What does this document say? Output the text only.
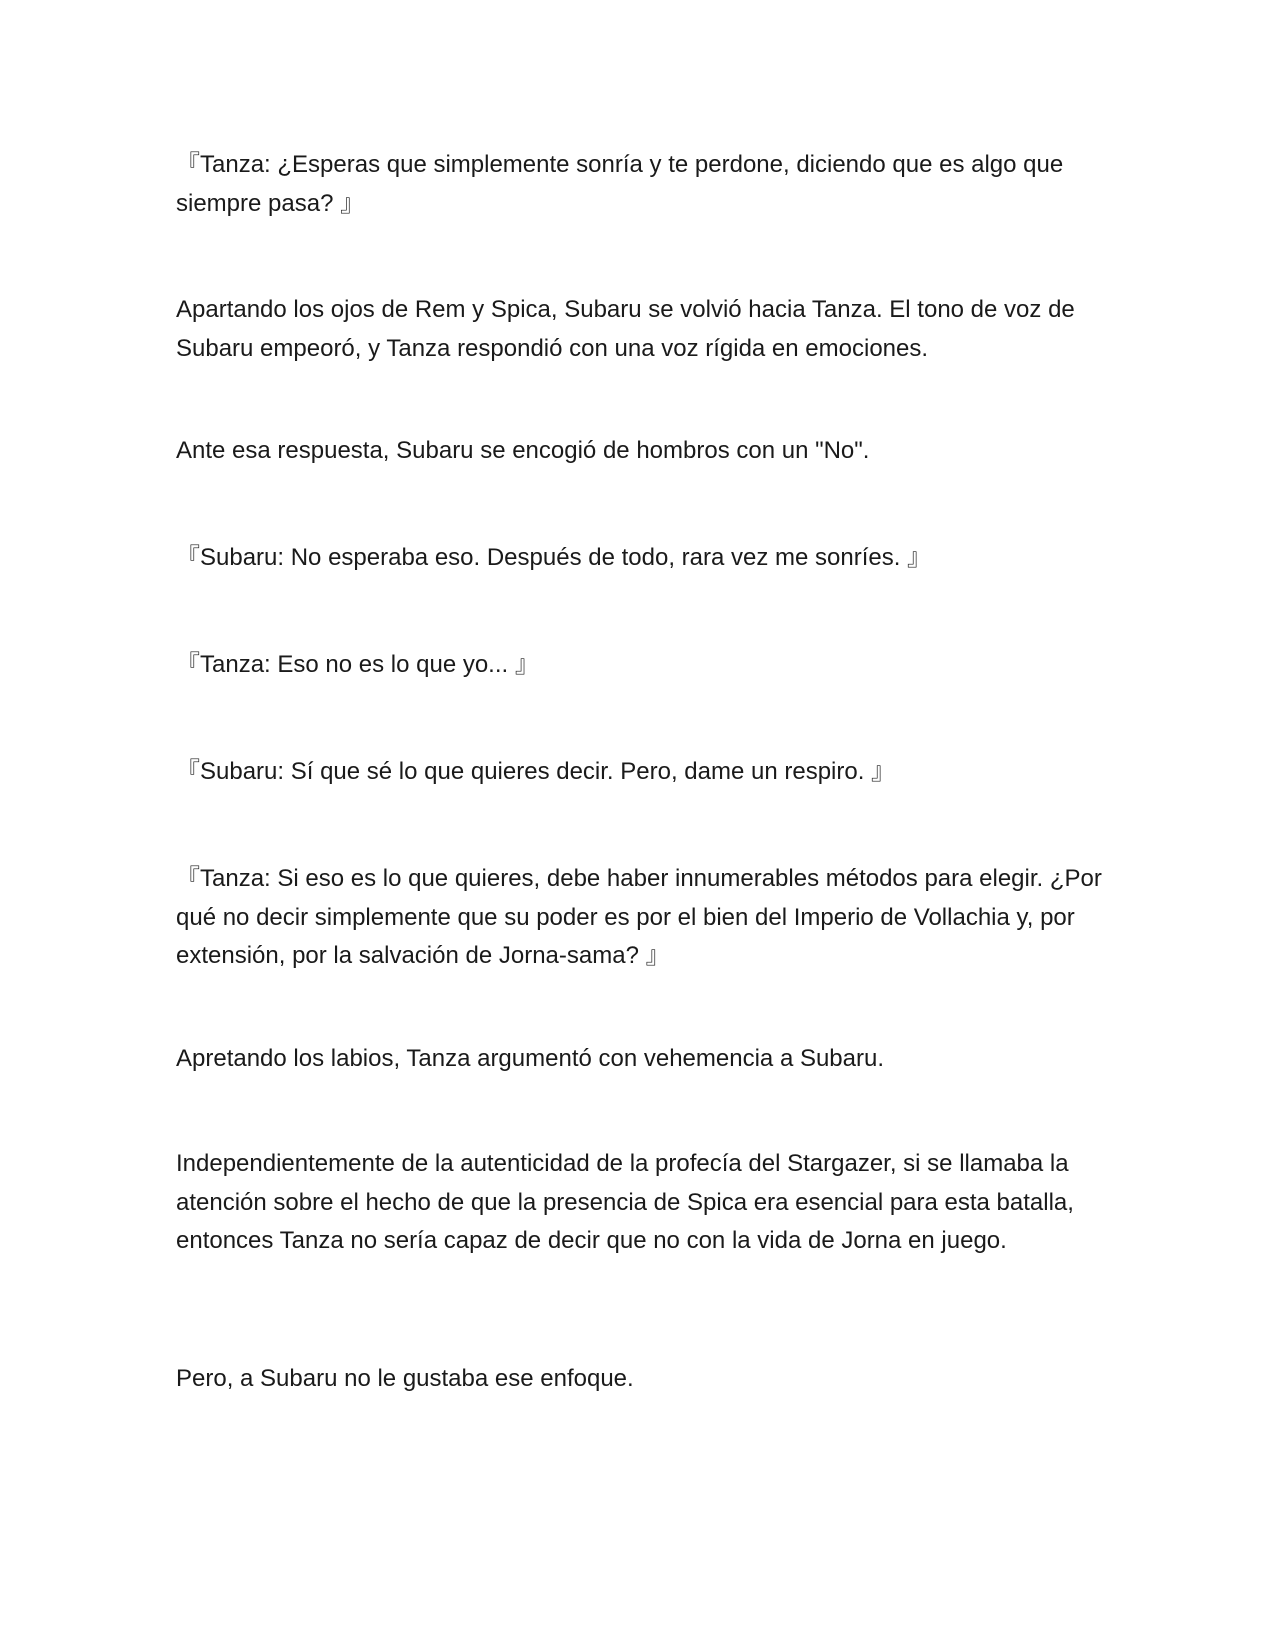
『Tanza: ¿Esperas que simplemente sonría y te perdone, diciendo que es algo que siempre pasa? 』

Apartando los ojos de Rem y Spica, Subaru se volvió hacia Tanza. El tono de voz de Subaru empeoró, y Tanza respondió con una voz rígida en emociones.

Ante esa respuesta, Subaru se encogió de hombros con un "No".

『Subaru: No esperaba eso. Después de todo, rara vez me sonríes. 』

『Tanza: Eso no es lo que yo... 』

『Subaru: Sí que sé lo que quieres decir. Pero, dame un respiro. 』

『Tanza: Si eso es lo que quieres, debe haber innumerables métodos para elegir. ¿Por qué no decir simplemente que su poder es por el bien del Imperio de Vollachia y, por extensión, por la salvación de Jorna-sama? 』

Apretando los labios, Tanza argumentó con vehemencia a Subaru.

Independientemente de la autenticidad de la profecía del Stargazer, si se llamaba la atención sobre el hecho de que la presencia de Spica era esencial para esta batalla, entonces Tanza no sería capaz de decir que no con la vida de Jorna en juego.

Pero, a Subaru no le gustaba ese enfoque.
